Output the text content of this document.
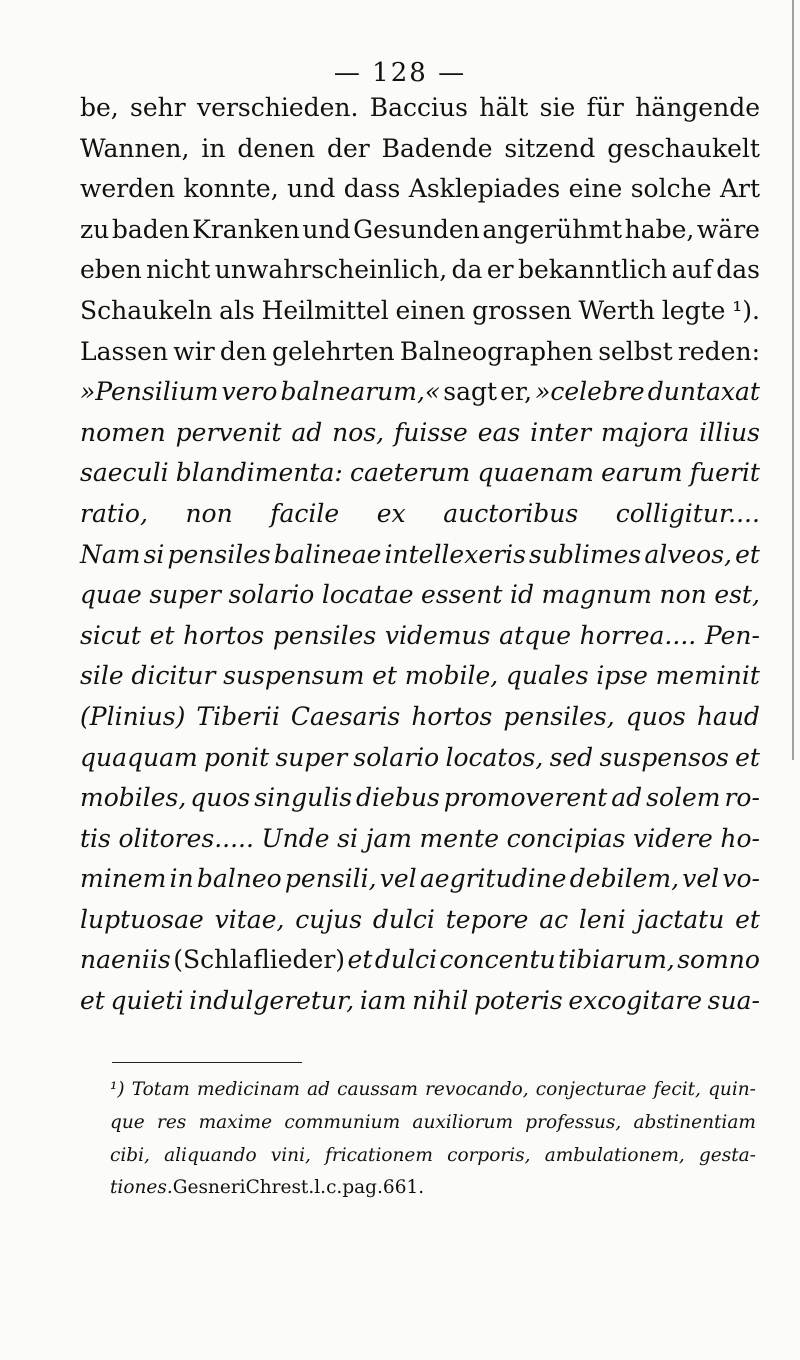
— 128 —
be, sehr verschieden. Baccius hält sie für hängende
Wannen, in denen der Badende sitzend geschaukelt
werden konnte, und dass Asklepiades eine solche Art
zu baden Kranken und Gesunden angerühmt habe, wäre
eben nicht unwahrscheinlich, da er bekanntlich auf das
Schaukeln als Heilmittel einen grossen Werth legte ¹).
Lassen wir den gelehrten Balneographen selbst reden:
»Pensilium vero balnearum,« sagt er, »celebre duntaxat
nomen pervenit ad nos, fuisse eas inter majora illius
saeculi blandimenta: caeterum quaenam earum fuerit
ratio, non facile ex auctoribus colligitur....
Nam si pensiles balineae intellexeris sublimes alveos, et
quae super solario locatae essent id magnum non est,
sicut et hortos pensiles videmus atque horrea.... Pen-
sile dicitur suspensum et mobile, quales ipse meminit
(Plinius) Tiberii Caesaris hortos pensiles, quos haud
quaquam ponit super solario locatos, sed suspensos et
mobiles, quos singulis diebus promoverent ad solem ro-
tis olitores..... Unde si jam mente concipias videre ho-
minem in balneo pensili, vel aegritudine debilem, vel vo-
luptuosae vitae, cujus dulci tepore ac leni jactatu et
naeniis (Schlaflieder) et dulci concentu tibiarum, somno
et quieti indulgeretur, iam nihil poteris excogitare sua-
¹) Totam medicinam ad caussam revocando, conjecturae fecit, quin-
que res maxime communium auxiliorum professus, abstinentiam
cibi, aliquando vini, fricationem corporis, ambulationem, gesta-
tiones. Gesneri Chrest. l. c. pag. 661.
